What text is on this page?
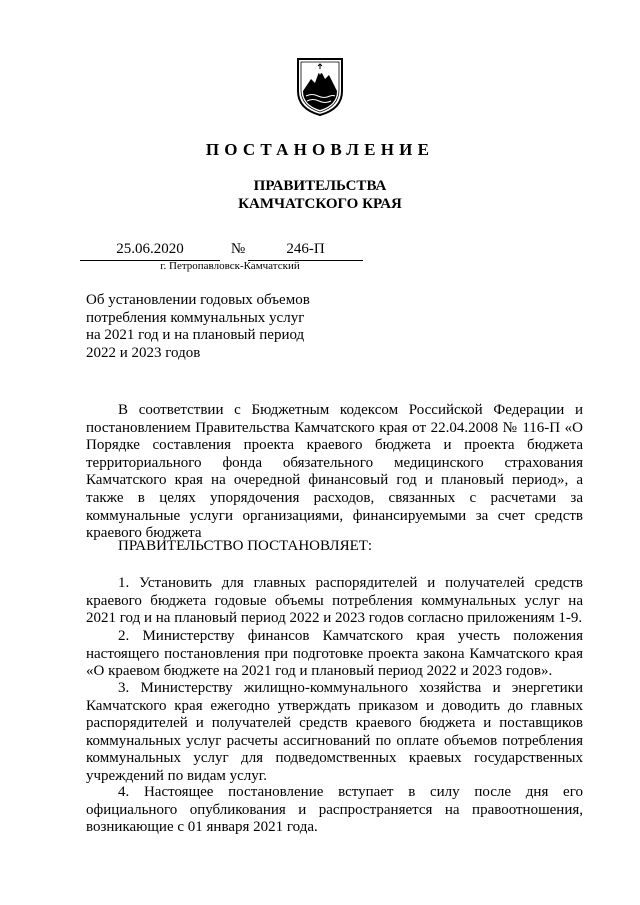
ПОСТАНОВЛЕНИЕ
ПРАВИТЕЛЬСТВА
КАМЧАТСКОГО КРАЯ
25.06.2020	№	246-П
г. Петропавловск-Камчатский
Об установлении годовых объемов
потребления коммунальных услуг
на 2021 год и на плановый период
2022 и 2023 годов
В соответствии с Бюджетным кодексом Российской Федерации и постановлением Правительства Камчатского края от 22.04.2008 № 116-П «О Порядке составления проекта краевого бюджета и проекта бюджета территориального фонда обязательного медицинского страхования Камчатского края на очередной финансовый год и плановый период», а также в целях упорядочения расходов, связанных с расчетами за коммунальные услуги организациями, финансируемыми за счет средств краевого бюджета
ПРАВИТЕЛЬСТВО ПОСТАНОВЛЯЕТ:
1. Установить для главных распорядителей и получателей средств краевого бюджета годовые объемы потребления коммунальных услуг на 2021 год и на плановый период 2022 и 2023 годов согласно приложениям 1-9.
2. Министерству финансов Камчатского края учесть положения настоящего постановления при подготовке проекта закона Камчатского края «О краевом бюджете на 2021 год и плановый период 2022 и 2023 годов».
3. Министерству жилищно-коммунального хозяйства и энергетики Камчатского края ежегодно утверждать приказом и доводить до главных распорядителей и получателей средств краевого бюджета и поставщиков коммунальных услуг расчеты ассигнований по оплате объемов потребления коммунальных услуг для подведомственных краевых государственных учреждений по видам услуг.
4. Настоящее постановление вступает в силу после дня его официального опубликования и распространяется на правоотношения, возникающие с 01 января 2021 года.
